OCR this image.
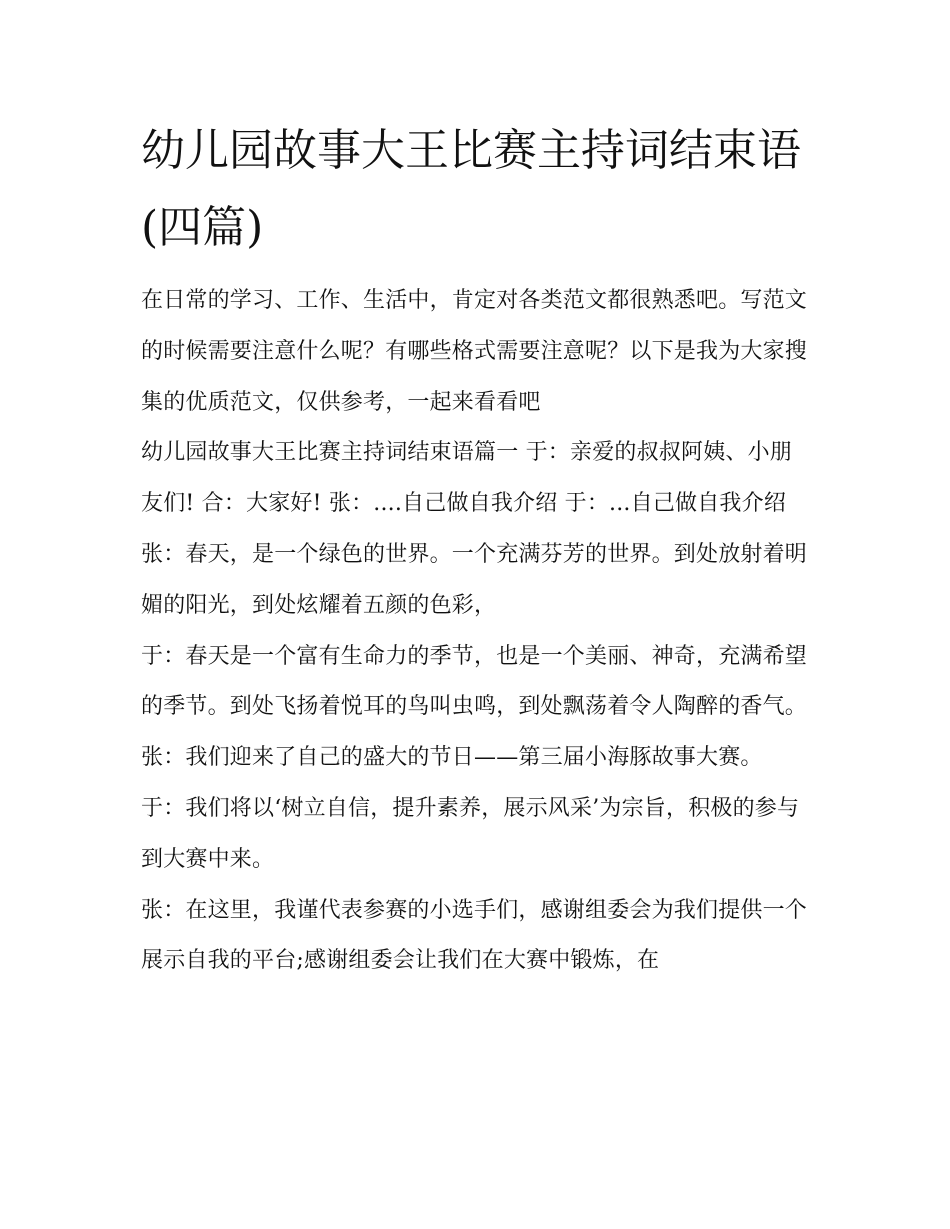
幼儿园故事大王比赛主持词结束语(四篇)

在日常的学习、工作、生活中，肯定对各类范文都很熟悉吧。写范文的时候需要注意什么呢？有哪些格式需要注意呢？以下是我为大家搜集的优质范文，仅供参考，一起来看看吧

幼儿园故事大王比赛主持词结束语篇一 于：亲爱的叔叔阿姨、小朋友们! 合：大家好! 张：....自己做自我介绍 于：...自己做自我介绍

张：春天，是一个绿色的世界。一个充满芬芳的世界。到处放射着明媚的阳光，到处炫耀着五颜的色彩，

于：春天是一个富有生命力的季节，也是一个美丽、神奇，充满希望的季节。到处飞扬着悦耳的鸟叫虫鸣，到处飘荡着令人陶醉的香气。

张：我们迎来了自己的盛大的节日——第三届小海豚故事大赛。 于：我们将以‘树立自信，提升素养，展示风采’为宗旨，积极的参与到大赛中来。

张：在这里，我谨代表参赛的小选手们，感谢组委会为我们提供一个展示自我的平台;感谢组委会让我们在大赛中锻炼，在
